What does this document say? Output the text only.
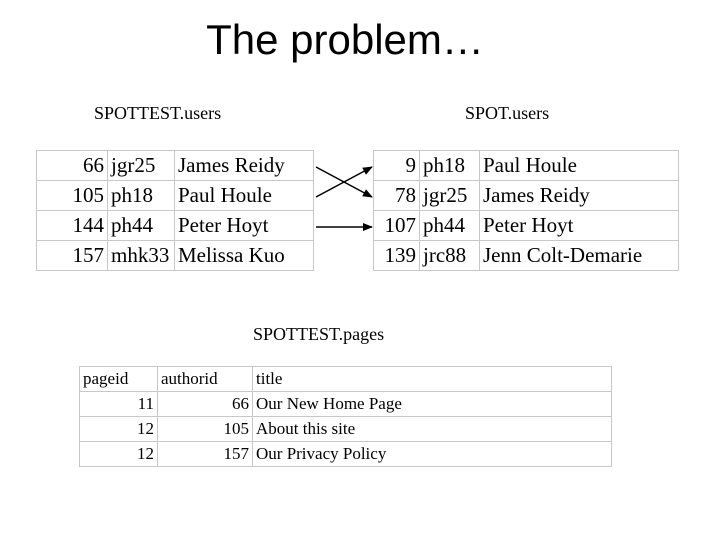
The problem…
SPOTTEST.users	SPOT.users
SPOTTEST.pages
66	jgr25	James Reidy
105	ph18	Paul Houle
144	ph44	Peter Hoyt
157	mhk33	Melissa Kuo
9	ph18	Paul Houle
78	jgr25	James Reidy
107	ph44	Peter Hoyt
139	jrc88	Jenn Colt-Demarie
pageid	authorid	title
11	66	Our New Home Page
12	105	About this site
12	157	Our Privacy Policy
